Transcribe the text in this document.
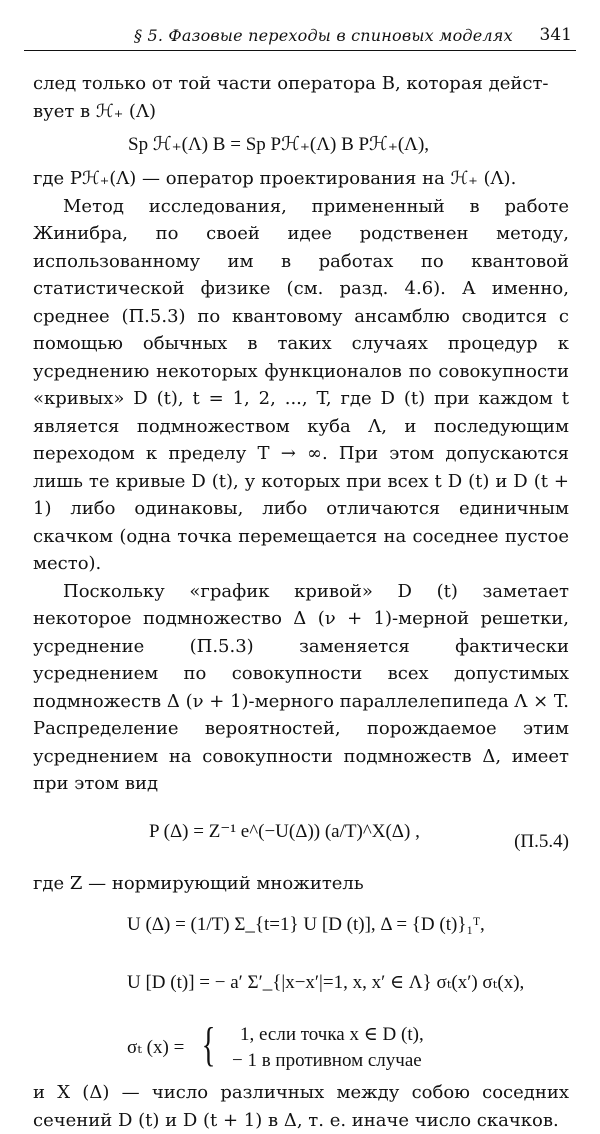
§ 5. Фазовые переходы в спиновых моделях 341

след только от той части оператора B, которая дейст-

вует в ℋ₊ (Λ)

Sp ℋ₊(Λ) B = Sp Pℋ₊(Λ) B Pℋ₊(Λ),

где Pℋ₊(Λ) — оператор проектирования на ℋ₊ (Λ).

Метод исследования, примененный в работе Жинибра, по своей идее родственен методу, использованному им в работах по квантовой статистической физике (см. разд. 4.6). А именно, среднее (П.5.3) по квантовому ансамблю сводится с помощью обычных в таких случаях процедур к усреднению некоторых функционалов по совокупности «кривых» D (t), t = 1, 2, ..., T, где D (t) при каждом t является подмножеством куба Λ, и последующим переходом к пределу T → ∞. При этом допускаются лишь те кривые D (t), у которых при всех t D (t) и D (t + 1) либо одинаковы, либо отличаются единичным скачком (одна точка перемещается на соседнее пустое место).

Поскольку «график кривой» D (t) заметает некоторое подмножество Δ (ν + 1)-мерной решетки, усреднение (П.5.3) заменяется фактически усреднением по совокупности всех допустимых подмножеств Δ (ν + 1)-мерного параллелепипеда Λ × T. Распределение вероятностей, порождаемое этим усреднением на совокупности подмножеств Δ, имеет при этом вид

P (Δ) = Z⁻¹ e^(−U(Δ)) (a/T)^X(Δ) ,	(П.5.4)

где Z — нормирующий множитель

U (Δ) = (1/T) Σ_{t=1} U [D (t)], Δ = {D (t)}₁ᵀ,
U [D (t)] = − a′ Σ′_{|x−x′|=1, x, x′ ∈ Λ} σₜ(x′) σₜ(x),
σₜ (x) = { 1, если точка x ∈ D (t),
− 1 в противном случае

и X (Δ) — число различных между собою соседних сечений D (t) и D (t + 1) в Δ, т. е. иначе число скачков.
